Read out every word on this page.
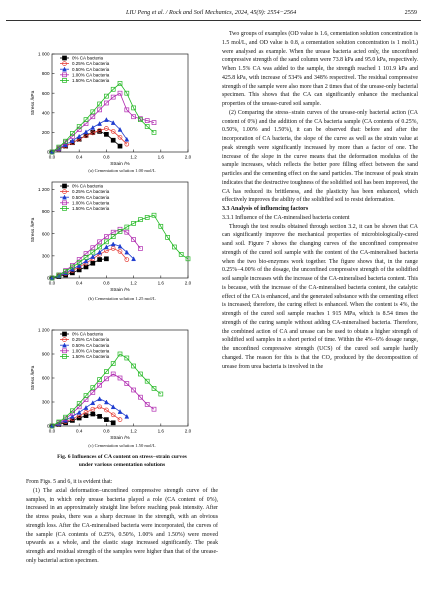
LIU Peng et al. / Rock and Soil Mechanics, 2024, 45(9): 2554−2564	2559
0.0	0.4	0.8	1.2	1.6	2.0
0
200
400
600
800
1 000
Strain /%
Stress /kPa
0% CA bacteria
0.25% CA bacteria
0.50% CA bacteria
1.00% CA bacteria
1.50% CA bacteria
(a) Cementation solution 1.00 mol/L
0.0	0.4	0.8	1.2	1.6	2.0
0
300
600
900
1 200
Strain /%
Stress /kPa
0% CA bacteria
0.25% CA bacteria
0.50% CA bacteria
1.00% CA bacteria
1.50% CA bacteria
(b) Cementation solution 1.25 mol/L
0.0	0.4	0.8	1.2	1.6	2.0
0
300
600
900
1 200
Strain /%
Stress /kPa
0% CA bacteria
0.25% CA bacteria
0.50% CA bacteria
1.00% CA bacteria
1.50% CA bacteria
(c) Cementation solution 1.50 mol/L
Fig. 6 Influences of CA content on stress−strain curves
under various cementation solutions

From Figs. 5 and 6, it is evident that:

(1) The axial deformation−unconfined compressive strength curve of the samples, in which only urease bacteria played a role (CA content of 0%), increased in an approximately straight line before reaching peak intensity. After the stress peaks, there was a sharp decrease in the strength, with an obvious strength loss. After the CA-mineralised bacteria were incorporated, the curves of the sample (CA contents of 0.25%, 0.50%, 1.00% and 1.50%) were moved upwards as a whole, and the elastic stage increased significantly. The peak strength and residual strength of the samples were higher than that of the urease-only bacterial action specimen.

Two groups of examples (OD value is 1.6, cementation solution concentration is 1.5 mol/L, and OD value is 0.8, a cementation solution concentration is 1 mol/L) were analysed as example. When the urease bacteria acted only, the unconfined compressive strength of the sand column were 73.8 kPa and 95.0 kPa, respectively. When 1.5% CA was added to the sample, the strength reached 1 101.9 kPa and 425.8 kPa, with increase of 534% and 348% respectivel. The residual compressive strength of the sample were also more than 2 times that of the urease-only bacterial specimen. This shows that the CA can significantly enhance the mechanical properties of the urease-cured soil sample.

(2) Comparing the stress−strain curves of the urease-only bacterial action (CA content of 0%) and the addition of the CA bacteria sample (CA contents of 0.25%, 0.50%, 1.00% and 1.50%), it can be observed that: before and after the incorporation of CA bacteria, the slope of the curve as well as the strain value at peak strength were significantly increased by more than a factor of one. The increase of the slope in the curve means that the deformation modulus of the sample increases, which reflects the better pore filling effect between the sand particles and the cementing effect on the sand particles. The increase of peak strain indicates that the destructive toughness of the solidified soil has been improved, the CA has reduced its brittleness, and the plasticity has been enhanced, which effectively improves the ability of the solidified soil to resist deformation.

3.3 Analysis of influencing factors
3.3.1 Influence of the CA-mineralised bacteria content

Through the test results obtained through section 3.2, it can be shown that CA can significantly improve the mechanical properties of microbiologically-cured sand soil. Figure 7 shows the changing curves of the unconfined compressive strength of the cured soil sample with the content of the CA-mineralised bacteria when the two bio-enzymes work together. The figure shows that, in the range 0.25%−4.00% of the dosage, the unconfined compressive strength of the solidified soil sample increases with the increase of the CA-mineralised bacteria content. This is because, with the increase of the CA-mineralised bacteria content, the catalytic effect of the CA is enhanced, and the generated substance with the cementing effect is increased; therefore, the curing effect is enhanced. When the content is 4%, the strength of the cured soil sample reaches 1 915 MPa, which is 8.54 times the strength of the curing sample without adding CA-mineralised bacteria. Therefore, the combined action of CA and urease can be used to obtain a higher strength of solidified soil samples in a short period of time. Within the 4%−6% dosage range, the unconfined compressive strength (UCS) of the cured soil sample hardly changed. The reason for this is that the CO₂ produced by the decomposition of urease from urea bacteria is involved in the
